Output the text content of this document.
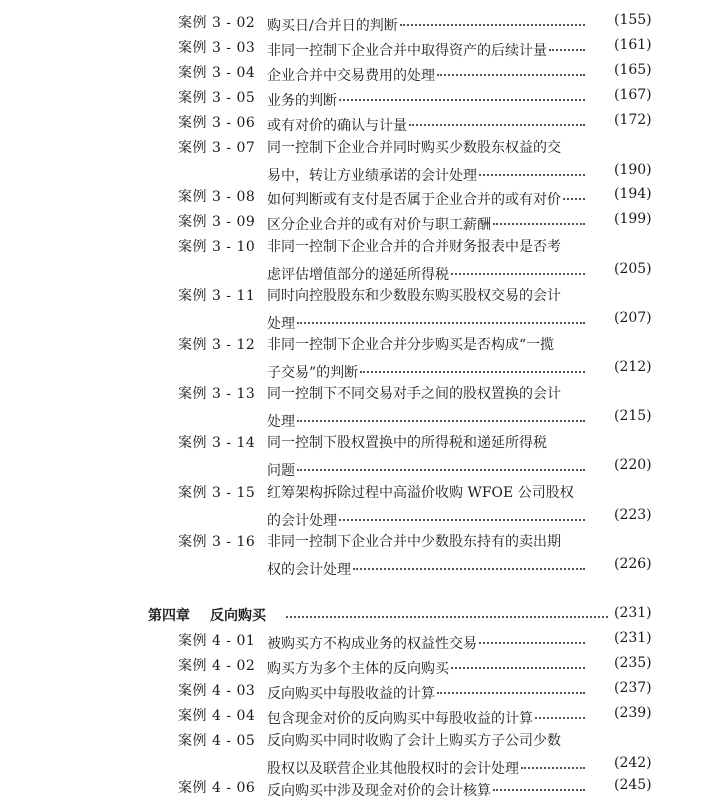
案例 3 - 02 购买日/合并日的判断	(155)
案例 3 - 03 非同一控制下企业合并中取得资产的后续计量	(161)
案例 3 - 04 企业合并中交易费用的处理	(165)
案例 3 - 05 业务的判断	(167)
案例 3 - 06 或有对价的确认与计量	(172)
案例 3 - 07 同一控制下企业合并同时购买少数股东权益的交
易中，转让方业绩承诺的会计处理	(190)
案例 3 - 08 如何判断或有支付是否属于企业合并的或有对价	(194)
案例 3 - 09 区分企业合并的或有对价与职工薪酬	(199)
案例 3 - 10 非同一控制下企业合并的合并财务报表中是否考
虑评估增值部分的递延所得税	(205)
案例 3 - 11 同时向控股股东和少数股东购买股权交易的会计
处理	(207)
案例 3 - 12 非同一控制下企业合并分步购买是否构成“一揽
子交易”的判断	(212)
案例 3 - 13 同一控制下不同交易对手之间的股权置换的会计
处理	(215)
案例 3 - 14 同一控制下股权置换中的所得税和递延所得税
问题	(220)
案例 3 - 15 红筹架构拆除过程中高溢价收购 WFOE 公司股权
的会计处理	(223)
案例 3 - 16 非同一控制下企业合并中少数股东持有的卖出期
权的会计处理	(226)
第四章 反向购买	(231)
案例 4 - 01 被购买方不构成业务的权益性交易	(231)
案例 4 - 02 购买方为多个主体的反向购买	(235)
案例 4 - 03 反向购买中每股收益的计算	(237)
案例 4 - 04 包含现金对价的反向购买中每股收益的计算	(239)
案例 4 - 05 反向购买中同时收购了会计上购买方子公司少数
股权以及联营企业其他股权时的会计处理	(242)
案例 4 - 06 反向购买中涉及现金对价的会计核算	(245)
